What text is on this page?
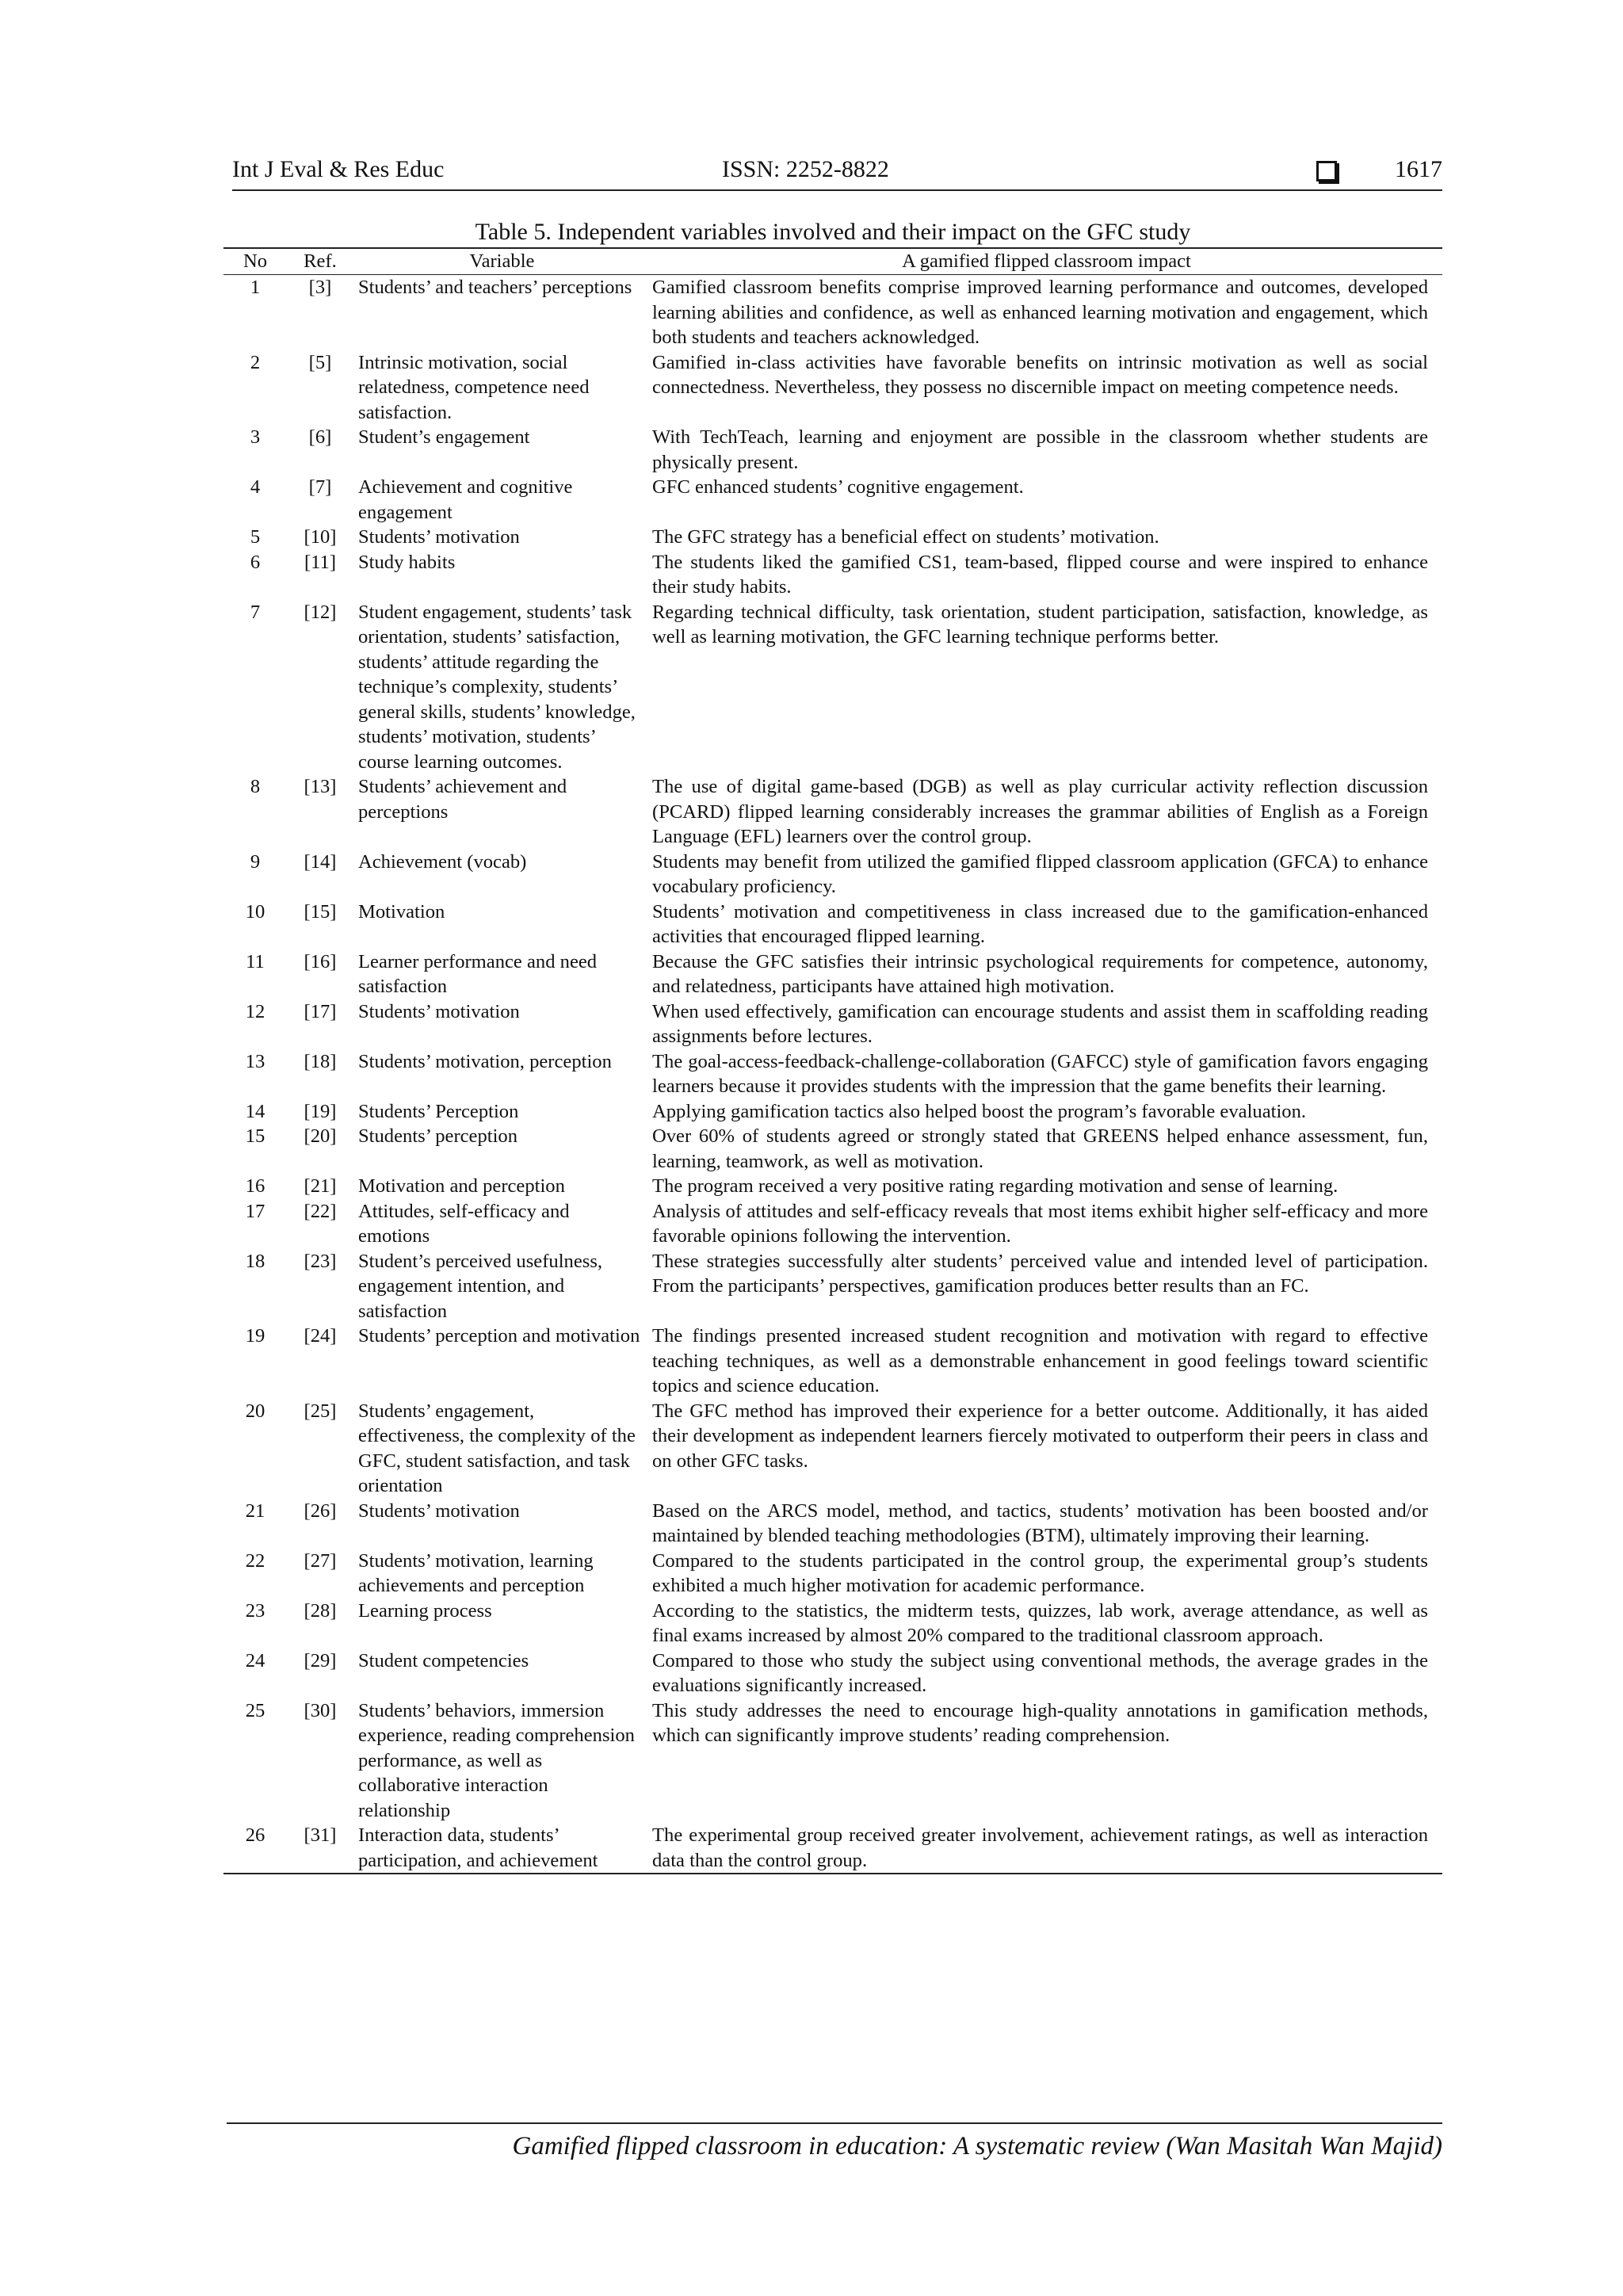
Int J Eval & Res Educ	ISSN: 2252-8822	1617
Table 5. Independent variables involved and their impact on the GFC study
No	Ref.	Variable	A gamified flipped classroom impact
1	[3]	Students’ and teachers’ perceptions	Gamified classroom benefits comprise improved learning performance and outcomes, developed learning abilities and confidence, as well as enhanced learning motivation and engagement, which both students and teachers acknowledged.
2	[5]	Intrinsic motivation, social relatedness, competence need satisfaction.	Gamified in-class activities have favorable benefits on intrinsic motivation as well as social connectedness. Nevertheless, they possess no discernible impact on meeting competence needs.
3	[6]	Student’s engagement	With TechTeach, learning and enjoyment are possible in the classroom whether students are physically present.
4	[7]	Achievement and cognitive engagement	GFC enhanced students’ cognitive engagement.
5	[10]	Students’ motivation	The GFC strategy has a beneficial effect on students’ motivation.
6	[11]	Study habits	The students liked the gamified CS1, team-based, flipped course and were inspired to enhance their study habits.
7	[12]	Student engagement, students’ task orientation, students’ satisfaction, students’ attitude regarding the technique’s complexity, students’ general skills, students’ knowledge, students’ motivation, students’ course learning outcomes.	Regarding technical difficulty, task orientation, student participation, satisfaction, knowledge, as well as learning motivation, the GFC learning technique performs better.
8	[13]	Students’ achievement and perceptions	The use of digital game-based (DGB) as well as play curricular activity reflection discussion (PCARD) flipped learning considerably increases the grammar abilities of English as a Foreign Language (EFL) learners over the control group.
9	[14]	Achievement (vocab)	Students may benefit from utilized the gamified flipped classroom application (GFCA) to enhance vocabulary proficiency.
10	[15]	Motivation	Students’ motivation and competitiveness in class increased due to the gamification-enhanced activities that encouraged flipped learning.
11	[16]	Learner performance and need satisfaction	Because the GFC satisfies their intrinsic psychological requirements for competence, autonomy, and relatedness, participants have attained high motivation.
12	[17]	Students’ motivation	When used effectively, gamification can encourage students and assist them in scaffolding reading assignments before lectures.
13	[18]	Students’ motivation, perception	The goal-access-feedback-challenge-collaboration (GAFCC) style of gamification favors engaging learners because it provides students with the impression that the game benefits their learning.
14	[19]	Students’ Perception	Applying gamification tactics also helped boost the program’s favorable evaluation.
15	[20]	Students’ perception	Over 60% of students agreed or strongly stated that GREENS helped enhance assessment, fun, learning, teamwork, as well as motivation.
16	[21]	Motivation and perception	The program received a very positive rating regarding motivation and sense of learning.
17	[22]	Attitudes, self-efficacy and emotions	Analysis of attitudes and self-efficacy reveals that most items exhibit higher self-efficacy and more favorable opinions following the intervention.
18	[23]	Student’s perceived usefulness, engagement intention, and satisfaction	These strategies successfully alter students’ perceived value and intended level of participation. From the participants’ perspectives, gamification produces better results than an FC.
19	[24]	Students’ perception and motivation	The findings presented increased student recognition and motivation with regard to effective teaching techniques, as well as a demonstrable enhancement in good feelings toward scientific topics and science education.
20	[25]	Students’ engagement, effectiveness, the complexity of the GFC, student satisfaction, and task orientation	The GFC method has improved their experience for a better outcome. Additionally, it has aided their development as independent learners fiercely motivated to outperform their peers in class and on other GFC tasks.
21	[26]	Students’ motivation	Based on the ARCS model, method, and tactics, students’ motivation has been boosted and/or maintained by blended teaching methodologies (BTM), ultimately improving their learning.
22	[27]	Students’ motivation, learning achievements and perception	Compared to the students participated in the control group, the experimental group’s students exhibited a much higher motivation for academic performance.
23	[28]	Learning process	According to the statistics, the midterm tests, quizzes, lab work, average attendance, as well as final exams increased by almost 20% compared to the traditional classroom approach.
24	[29]	Student competencies	Compared to those who study the subject using conventional methods, the average grades in the evaluations significantly increased.
25	[30]	Students’ behaviors, immersion experience, reading comprehension performance, as well as collaborative interaction relationship	This study addresses the need to encourage high-quality annotations in gamification methods, which can significantly improve students’ reading comprehension.
26	[31]	Interaction data, students’ participation, and achievement	The experimental group received greater involvement, achievement ratings, as well as interaction data than the control group.
Gamified flipped classroom in education: A systematic review (Wan Masitah Wan Majid)
